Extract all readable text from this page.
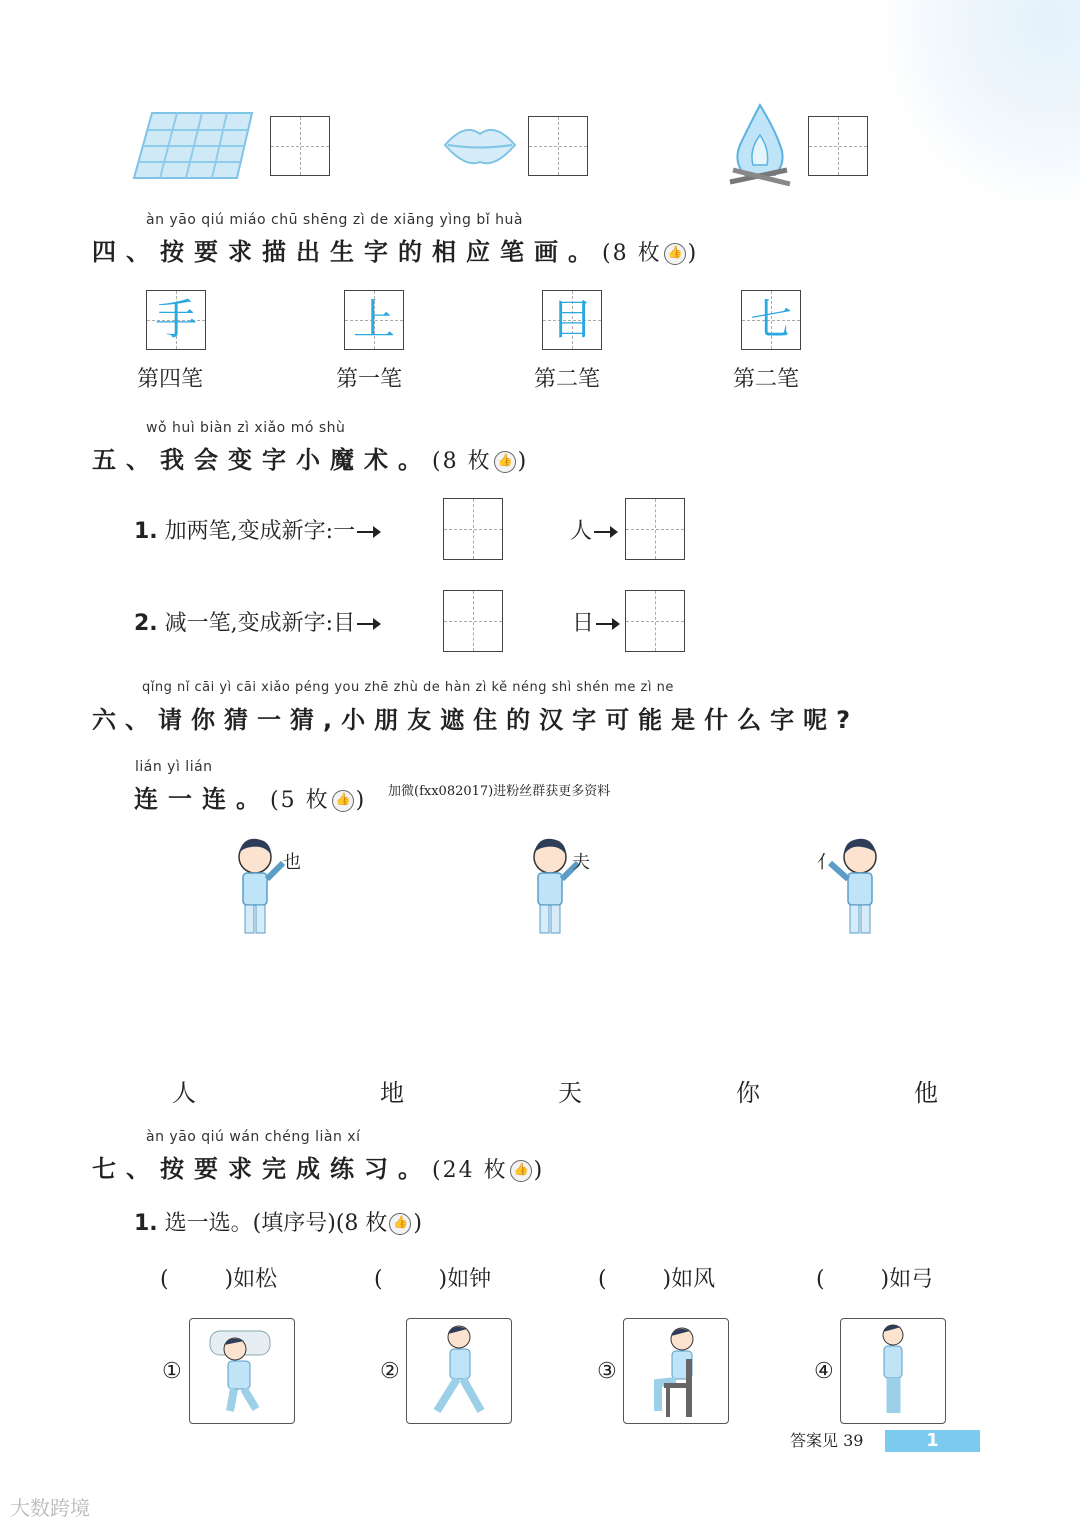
àn yāo qiú miáo chū shēng zì de xiāng yìng bǐ huà
四、按要求描出生字的相应笔画。(8 枚 👍 )
手	上	目	七
第四笔	第一笔	第二笔	第二笔
wǒ huì biàn zì xiǎo mó shù
五、我会变字小魔术。(8 枚 👍 )
1. 加两笔,变成新字:一	人
2. 减一笔,变成新字:目	日
qǐng nǐ cāi yì cāi xiǎo péng you zhē zhù de hàn zì kě néng shì shén me zì ne
六、请你猜一猜,小朋友遮住的汉字可能是什么字呢?
lián yì lián
连一连。(5 枚 👍 ) 加微(fxx082017)进粉丝群获更多资料
也	夫	亻
人	地	天	你	他
àn yāo qiú wán chéng liàn xí
七、按要求完成练习。(24 枚 👍 )
1. 选一选。(填序号)(8 枚 👍 )
(        )如松	(        )如钟	(        )如风	(        )如弓
①	②	③	④
答案见 39	1
大数跨境
